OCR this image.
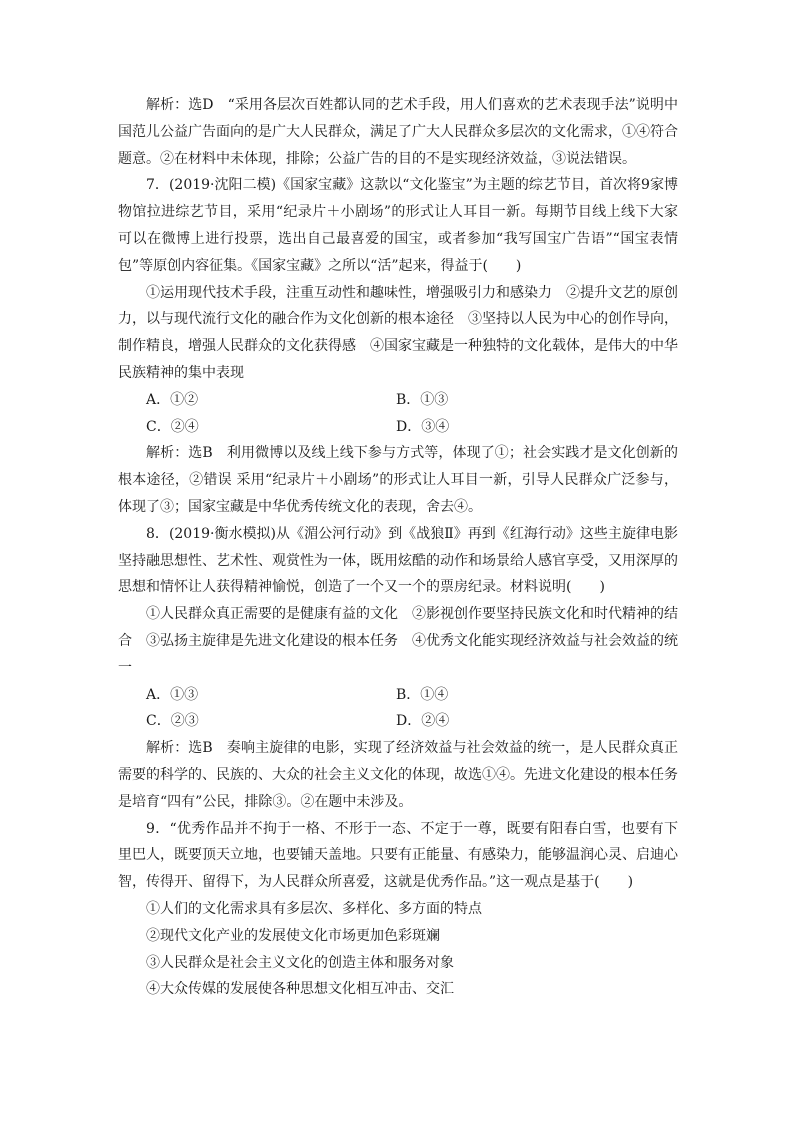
解析：选D　“采用各层次百姓都认同的艺术手段，用人们喜欢的艺术表现手法”说明中国范儿公益广告面向的是广大人民群众，满足了广大人民群众多层次的文化需求，①④符合题意。②在材料中未体现，排除；公益广告的目的不是实现经济效益，③说法错误。

7．(2019·沈阳二模)《国家宝藏》这款以“文化鉴宝”为主题的综艺节目，首次将9家博物馆拉进综艺节目，采用“纪录片＋小剧场”的形式让人耳目一新。每期节目线上线下大家可以在微博上进行投票，选出自己最喜爱的国宝，或者参加“我写国宝广告语”“国宝表情包”等原创内容征集。《国家宝藏》之所以“活”起来，得益于(　　)

①运用现代技术手段，注重互动性和趣味性，增强吸引力和感染力　②提升文艺的原创力，以与现代流行文化的融合作为文化创新的根本途径　③坚持以人民为中心的创作导向，制作精良，增强人民群众的文化获得感　④国家宝藏是一种独特的文化载体，是伟大的中华民族精神的集中表现

A．①②	B．①③
C．②④	D．③④

解析：选B　利用微博以及线上线下参与方式等，体现了①；社会实践才是文化创新的根本途径，②错误 采用“纪录片＋小剧场”的形式让人耳目一新，引导人民群众广泛参与，体现了③；国家宝藏是中华优秀传统文化的表现，舍去④。

8．(2019·衡水模拟)从《湄公河行动》到《战狼Ⅱ》再到《红海行动》这些主旋律电影坚持融思想性、艺术性、观赏性为一体，既用炫酷的动作和场景给人感官享受，又用深厚的思想和情怀让人获得精神愉悦，创造了一个又一个的票房纪录。材料说明(　　)

①人民群众真正需要的是健康有益的文化　②影视创作要坚持民族文化和时代精神的结合　③弘扬主旋律是先进文化建设的根本任务　④优秀文化能实现经济效益与社会效益的统一

A．①③	B．①④
C．②③	D．②④

解析：选B　奏响主旋律的电影，实现了经济效益与社会效益的统一，是人民群众真正需要的科学的、民族的、大众的社会主义文化的体现，故选①④。先进文化建设的根本任务是培育“四有”公民，排除③。②在题中未涉及。

9．“优秀作品并不拘于一格、不形于一态、不定于一尊，既要有阳春白雪，也要有下里巴人，既要顶天立地，也要铺天盖地。只要有正能量、有感染力，能够温润心灵、启迪心智，传得开、留得下，为人民群众所喜爱，这就是优秀作品。”这一观点是基于(　　)

①人们的文化需求具有多层次、多样化、多方面的特点

②现代文化产业的发展使文化市场更加色彩斑斓

③人民群众是社会主义文化的创造主体和服务对象

④大众传媒的发展使各种思想文化相互冲击、交汇
